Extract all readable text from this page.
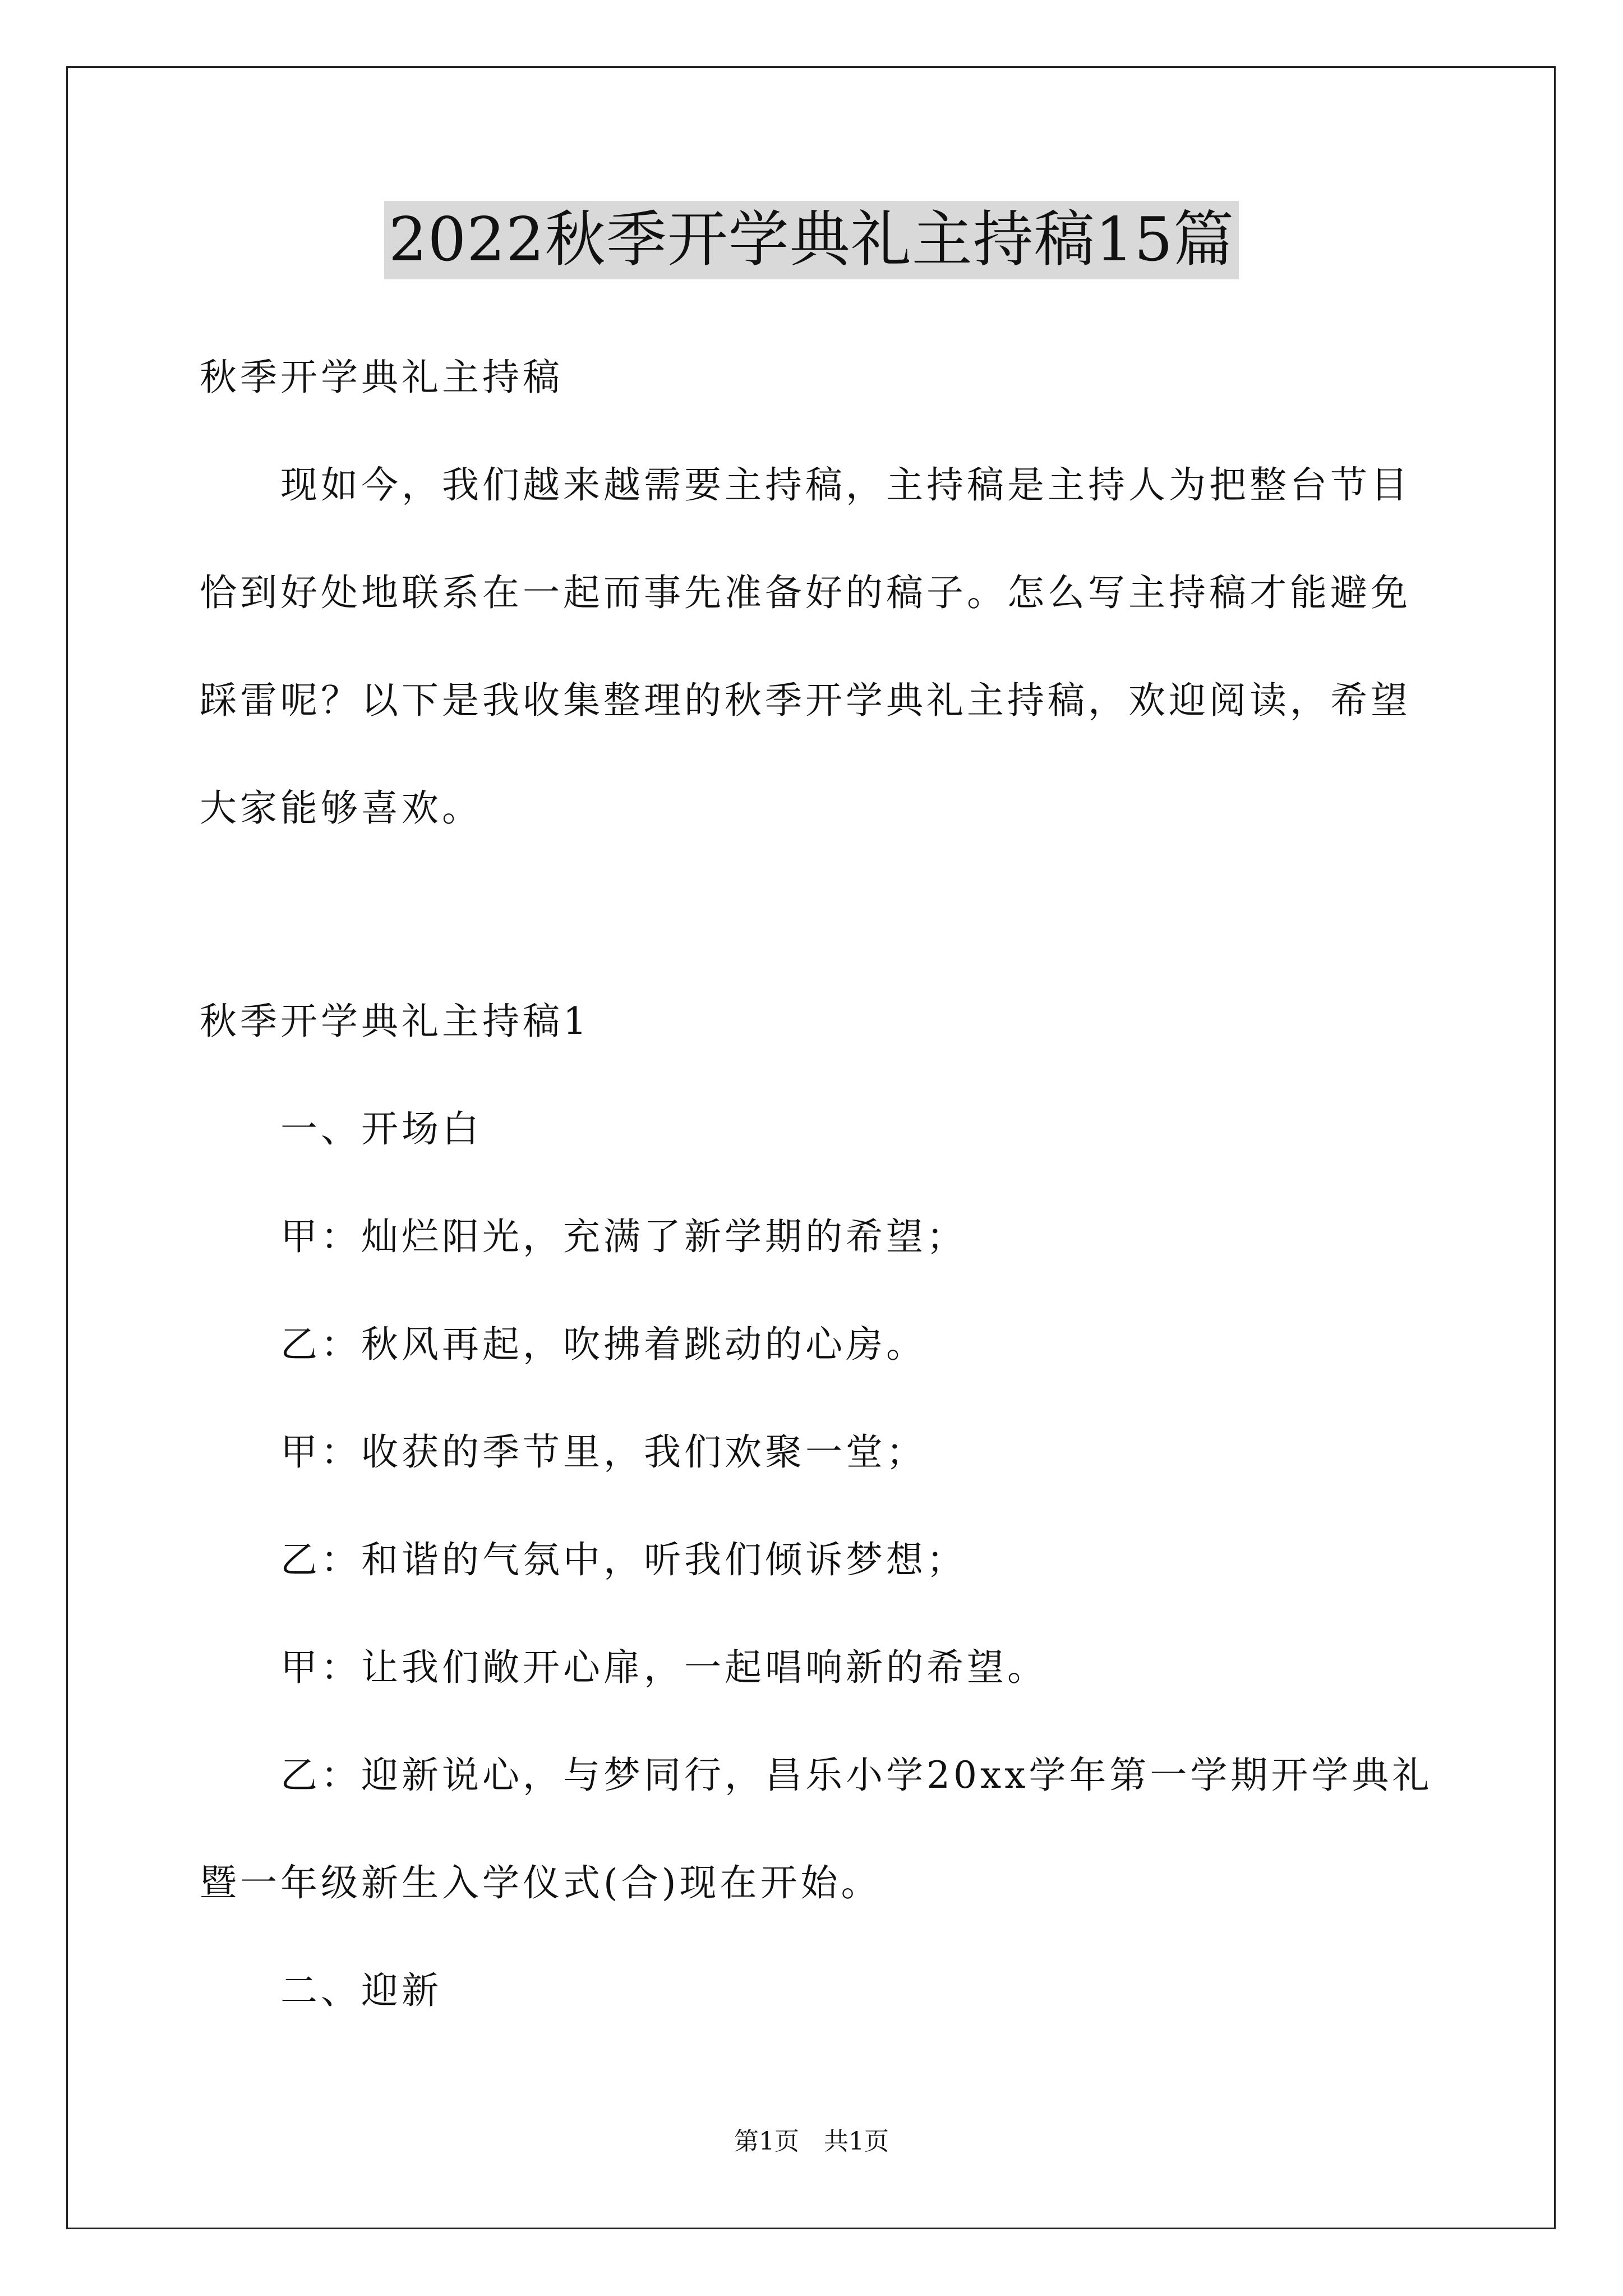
2022秋季开学典礼主持稿15篇
秋季开学典礼主持稿
现如今，我们越来越需要主持稿，主持稿是主持人为把整台节目
恰到好处地联系在一起而事先准备好的稿子。怎么写主持稿才能避免
踩雷呢？以下是我收集整理的秋季开学典礼主持稿，欢迎阅读，希望
大家能够喜欢。
秋季开学典礼主持稿1
一、开场白
甲：灿烂阳光，充满了新学期的希望；
乙：秋风再起，吹拂着跳动的心房。
甲：收获的季节里，我们欢聚一堂；
乙：和谐的气氛中，听我们倾诉梦想；
甲：让我们敞开心扉，一起唱响新的希望。
乙：迎新说心，与梦同行，昌乐小学20xx学年第一学期开学典礼
暨一年级新生入学仪式(合)现在开始。
二、迎新
第1页　共1页
